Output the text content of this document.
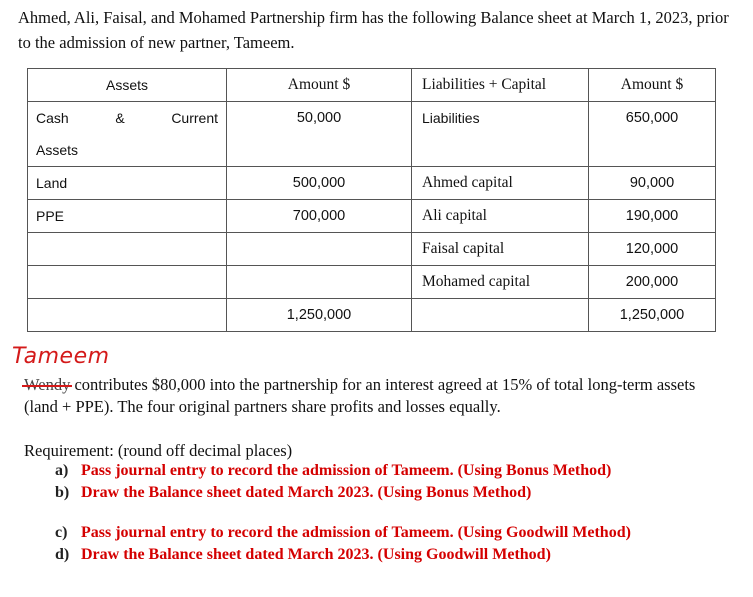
Ahmed, Ali, Faisal, and Mohamed Partnership firm has the following Balance sheet at March 1, 2023, prior to the admission of new partner, Tameem.
Assets	Amount $	Liabilities + Capital	Amount $

Cash & Current
Assets	50,000	Liabilities	650,000
Land	500,000	Ahmed capital	90,000
PPE	700,000	Ali capital	190,000
		Faisal capital	120,000
		Mohamed capital	200,000
	1,250,000		1,250,000
Tameem
Wendy contributes $80,000 into the partnership for an interest agreed at 15% of total long-term assets (land + PPE). The four original partners share profits and losses equally.
Requirement: (round off decimal places)
a) Pass journal entry to record the admission of Tameem. (Using Bonus Method)
b) Draw the Balance sheet dated March 2023. (Using Bonus Method)
c) Pass journal entry to record the admission of Tameem. (Using Goodwill Method)
d) Draw the Balance sheet dated March 2023. (Using Goodwill Method)
